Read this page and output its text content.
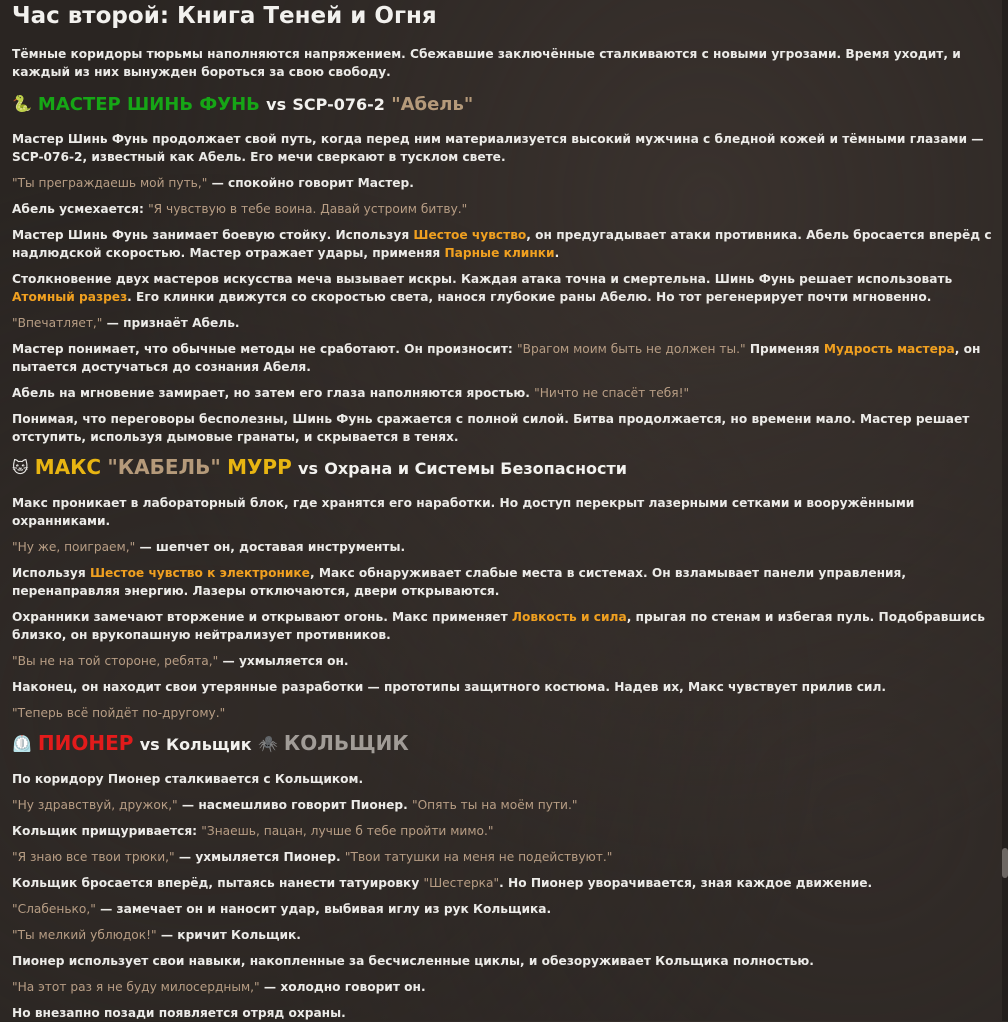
Час второй: Книга Теней и Огня

Тёмные коридоры тюрьмы наполняются напряжением. Сбежавшие заключённые сталкиваются с новыми угрозами. Время уходит, и каждый из них вынужден бороться за свою свободу.

🐍 МАСТЕР ШИНЬ ФУНЬ vs SCP-076-2 "Абель"

Мастер Шинь Фунь продолжает свой путь, когда перед ним материализуется высокий мужчина с бледной кожей и тёмными глазами — SCP-076-2, известный как Абель. Его мечи сверкают в тусклом свете.

"Ты преграждаешь мой путь," — спокойно говорит Мастер.

Абель усмехается: "Я чувствую в тебе воина. Давай устроим битву."

Мастер Шинь Фунь занимает боевую стойку. Используя Шестое чувство, он предугадывает атаки противника. Абель бросается вперёд с надлюдской скоростью. Мастер отражает удары, применяя Парные клинки.

Столкновение двух мастеров искусства меча вызывает искры. Каждая атака точна и смертельна. Шинь Фунь решает использовать Атомный разрез. Его клинки движутся со скоростью света, нанося глубокие раны Абелю. Но тот регенерирует почти мгновенно.

"Впечатляет," — признаёт Абель.

Мастер понимает, что обычные методы не сработают. Он произносит: "Врагом моим быть не должен ты." Применяя Мудрость мастера, он пытается достучаться до сознания Абеля.

Абель на мгновение замирает, но затем его глаза наполняются яростью. "Ничто не спасёт тебя!"

Понимая, что переговоры бесполезны, Шинь Фунь сражается с полной силой. Битва продолжается, но времени мало. Мастер решает отступить, используя дымовые гранаты, и скрывается в тенях.

🐱 МАКС "КАБЕЛЬ" МУРР vs Охрана и Системы Безопасности

Макс проникает в лабораторный блок, где хранятся его наработки. Но доступ перекрыт лазерными сетками и вооружёнными охранниками.

"Ну же, поиграем," — шепчет он, доставая инструменты.

Используя Шестое чувство к электронике, Макс обнаруживает слабые места в системах. Он взламывает панели управления, перенаправляя энергию. Лазеры отключаются, двери открываются.

Охранники замечают вторжение и открывают огонь. Макс применяет Ловкость и сила, прыгая по стенам и избегая пуль. Подобравшись близко, он врукопашную нейтрализует противников.

"Вы не на той стороне, ребята," — ухмыляется он.

Наконец, он находит свои утерянные разработки — прототипы защитного костюма. Надев их, Макс чувствует прилив сил.

"Теперь всё пойдёт по-другому."

⏲️ ПИОНЕР vs Кольщик 🕷️ КОЛЬЩИК

По коридору Пионер сталкивается с Кольщиком.

"Ну здравствуй, дружок," — насмешливо говорит Пионер. "Опять ты на моём пути."

Кольщик прищуривается: "Знаешь, пацан, лучше б тебе пройти мимо."

"Я знаю все твои трюки," — ухмыляется Пионер. "Твои татушки на меня не подействуют."

Кольщик бросается вперёд, пытаясь нанести татуировку "Шестерка". Но Пионер уворачивается, зная каждое движение.

"Слабенько," — замечает он и наносит удар, выбивая иглу из рук Кольщика.

"Ты мелкий ублюдок!" — кричит Кольщик.

Пионер использует свои навыки, накопленные за бесчисленные циклы, и обезоруживает Кольщика полностью.

"На этот раз я не буду милосердным," — холодно говорит он.

Но внезапно позади появляется отряд охраны.
